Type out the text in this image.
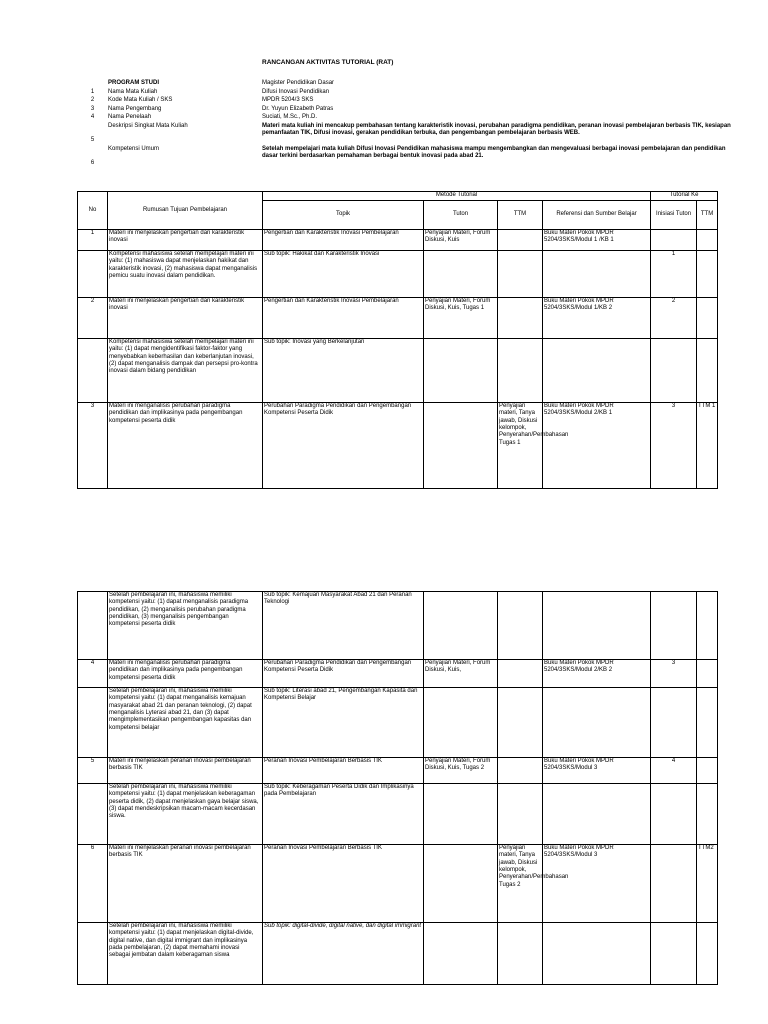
RANCANGAN AKTIVITAS TUTORIAL (RAT)
PROGRAM STUDI	Magister Pendidikan Dasar
1	Nama Mata Kuliah	Difusi Inovasi Pendidikan
2	Kode Mata Kuliah / SKS	MPDR 5204/3 SKS
3	Nama Pengembang	Dr. Yuyun Elizabeth Patras
4	Nama Penelaah	Suciati, M.Sc., Ph.D.
Deskripsi Singkat Mata Kuliah	Materi mata kuliah ini mencakup pembahasan tentang karakteristik inovasi, perubahan paradigma pendidikan, peranan inovasi pembelajaran berbasis TIK, kesiapan pemanfaatan TIK, Difusi inovasi, gerakan pendidikan terbuka, dan pengembangan pembelajaran berbasis WEB.
5
Kompetensi Umum	Setelah mempelajari mata kuliah Difusi Inovasi Pendidikan mahasiswa mampu mengembangkan dan mengevaluasi berbagai inovasi pembelajaran dan pendidikan dasar terkini berdasarkan pemahaman berbagai bentuk inovasi pada abad 21.
6
No	Rumusan Tujuan Pembelajaran	Metode Tutorial				Tutorial Ke	
		Topik	Tuton	TTM	Referensi dan Sumber Belajar	Inisiasi Tuton	TTM
1	Materi ini menjelaskan pengertian dan karakteristik inovasi	Pengertian dan Karakteristik Inovasi Pembelajaran	Penyajian Materi, Forum Diskusi, Kuis		Buku Materi Pokok MPDR 5204/3SKS/Modul 1 /KB 1		
	Kompetensi mahasiswa setelah mempelajari materi ini yaitu: (1) mahasiswa dapat menjelaskan hakikat dan karakteristik inovasi, (2) mahasiswa dapat menganalisis pemicu suatu inovasi dalam pendidikan.	Sub topik: Hakikat dan Karakteristik Inovasi				1	
2	Materi ini menjelaskan pengertian dan karakteristik inovasi	Pengertian dan Karakteristik Inovasi Pembelajaran	Penyajian Materi, Forum Diskusi, Kuis, Tugas 1		Buku Materi Pokok MPDR 5204/3SKS/Modul 1/KB 2	2	
	Kompetensi mahasiswa setelah mempelajari materi ini yaitu: (1) dapat mengidentifikasi faktor-faktor yang menyebabkan keberhasilan dan keberlanjutan inovasi, (2) dapat menganalisis dampak dan persepsi pro-kontra inovasi dalam bidang pendidikan	Sub topik: Inovasi yang Berkelanjutan					
3	Materi ini menganalisis perubahan paradigma pendidikan dan implikasinya pada pengembangan kompetensi peserta didik	Perubahan Paradigma Pendidikan dan Pengembangan Kompetensi Peserta Didik		Penyajian materi, Tanya jawab, Diskusi kelompok, Penyerahan/Pembahasan Tugas 1	Buku Materi Pokok MPDR 5204/3SKS/Modul 2/KB 1	3	TTM 1
	Setelah pembelajaran ini, mahasiswa memiliki kompetensi yaitu: (1) dapat menganalisis paradigma pendidikan, (2) menganalisis perubahan paradigma pendidikan, (3) menganalisis pengembangan kompetensi peserta didik	Sub topik: Kemajuan Masyarakat Abad 21 dan Peranan Teknologi					
4	Materi ini menganalisis perubahan paradigma pendidikan dan implikasinya pada pengembangan kompetensi peserta didik	Perubahan Paradigma Pendidikan dan Pengembangan Kompetensi Peserta Didik	Penyajian Materi, Forum Diskusi, Kuis,		Buku Materi Pokok MPDR 5204/3SKS/Modul 2/KB 2	3	
	Setelah pembelajaran ini, mahasiswa memiliki kompetensi yaitu: (1) dapat menganalisis kemajuan masyarakat abad 21 dan peranan teknologi, (2) dapat menganalisis Lyterasi abad 21, dan (3) dapat mengimplementasikan pengembangan kapasitas dan kompetensi belajar	Sub topik: Literasi abad 21, Pengembangan Kapasita dan Kompetensi Belajar					
5	Materi ini menjelaskan peranan inovasi pembelajaran berbasis TIK	Peranan Inovasi Pembelajaran Berbasis TIK	Penyajian Materi, Forum Diskusi, Kuis, Tugas 2		Buku Materi Pokok MPDR 5204/3SKS/Modul 3	4	
	Setelah pembelajaran ini, mahasiswa memiliki kompetensi yaitu: (1) dapat menjelaskan keberagaman peserta didik, (2) dapat menjelaskan gaya belajar siswa, (3) dapat mendeskripsikan macam-macam kecerdasan siswa.	Sub topik: Keberagaman Peserta Didik dan Implikasinya pada Pembelajaran					
6	Materi ini menjelaskan peranan inovasi pembelajaran berbasis TIK	Peranan Inovasi Pembelajaran Berbasis TIK		Penyajian materi, Tanya jawab, Diskusi kelompok, Penyerahan/Pembahasan Tugas 2	Buku Materi Pokok MPDR 5204/3SKS/Modul 3		TTM2
	Setelah pembelajaran ini, mahasiswa memiliki kompetensi yaitu: (1) dapat menjelaskan digital-divide, digital native, dan digital immigrant dan implikasinya pada pembelajaran, (2) dapat memahami inovasi sebagai jembatan dalam keberagaman siswa	Sub topik: digital-divide, digital native, dan digital immigrant					
